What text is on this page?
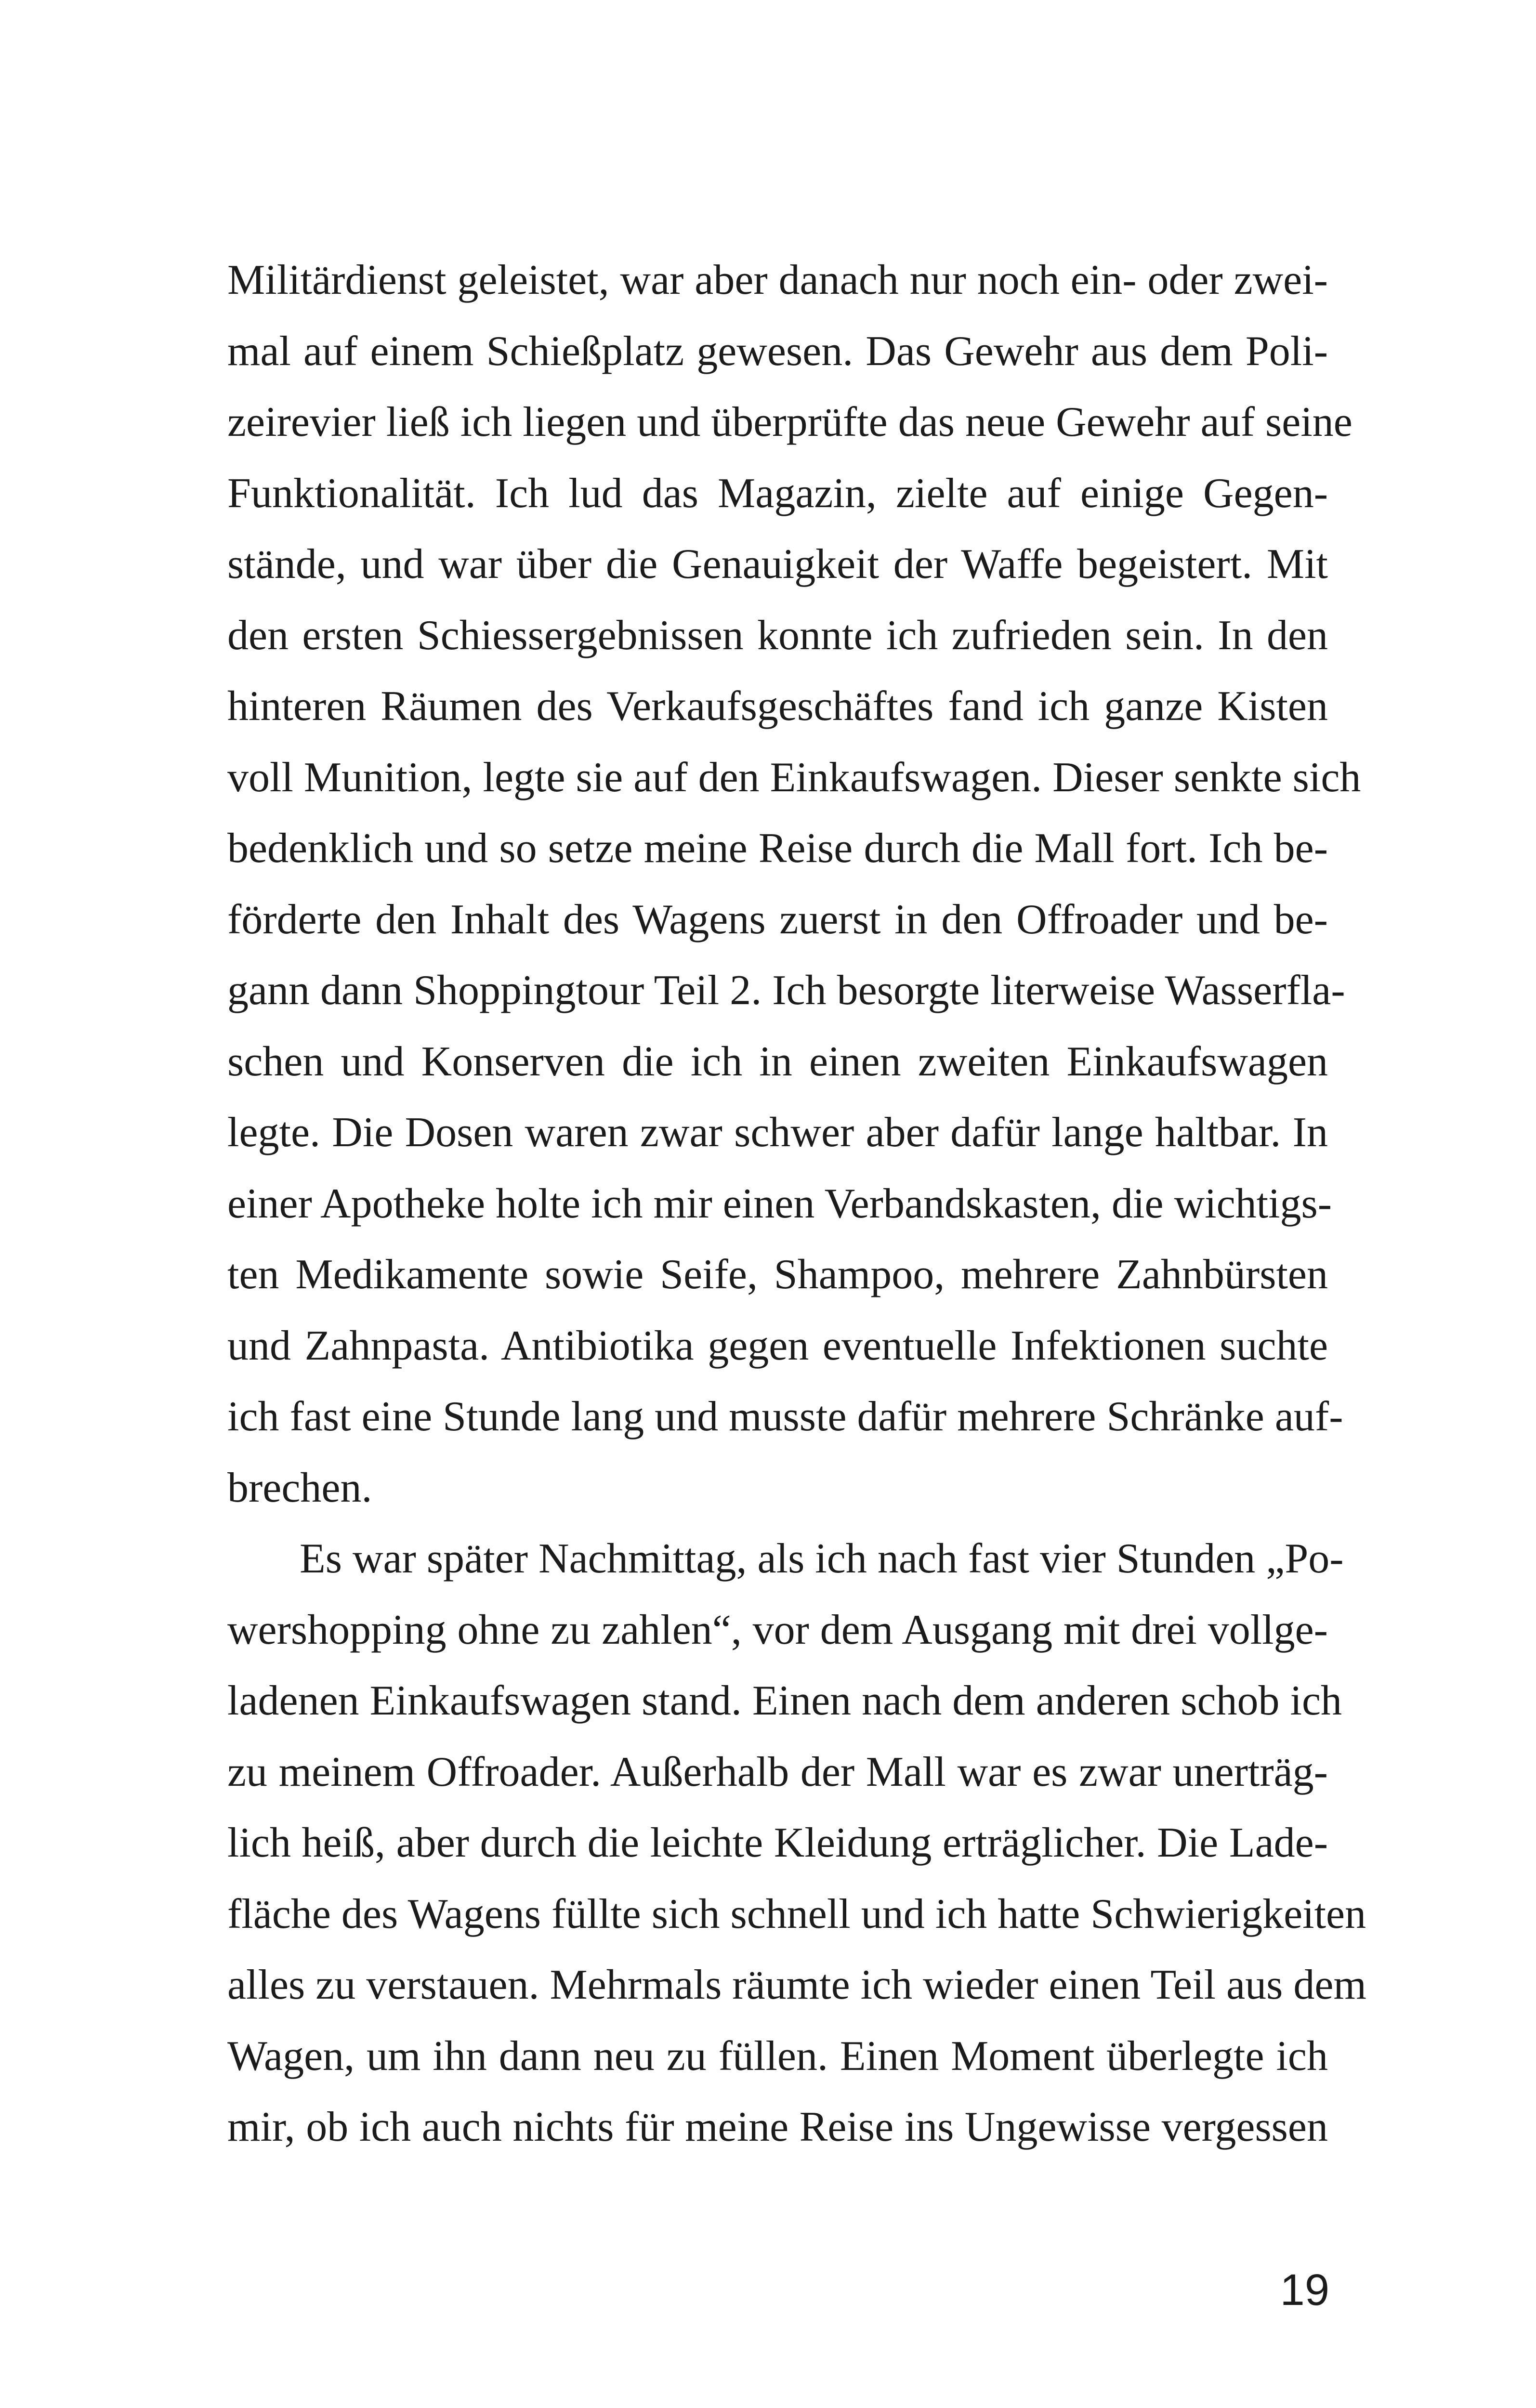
Militärdienst geleistet, war aber danach nur noch ein- oder zwei-
mal auf einem Schießplatz gewesen. Das Gewehr aus dem Poli-
zeirevier ließ ich liegen und überprüfte das neue Gewehr auf seine
Funktionalität. Ich lud das Magazin, zielte auf einige Gegen-
stände, und war über die Genauigkeit der Waffe begeistert. Mit
den ersten Schiessergebnissen konnte ich zufrieden sein. In den
hinteren Räumen des Verkaufsgeschäftes fand ich ganze Kisten
voll Munition, legte sie auf den Einkaufswagen. Dieser senkte sich
bedenklich und so setze meine Reise durch die Mall fort. Ich be-
förderte den Inhalt des Wagens zuerst in den Offroader und be-
gann dann Shoppingtour Teil 2. Ich besorgte literweise Wasserfla-
schen und Konserven die ich in einen zweiten Einkaufswagen
legte. Die Dosen waren zwar schwer aber dafür lange haltbar. In
einer Apotheke holte ich mir einen Verbandskasten, die wichtigs-
ten Medikamente sowie Seife, Shampoo, mehrere Zahnbürsten
und Zahnpasta. Antibiotika gegen eventuelle Infektionen suchte
ich fast eine Stunde lang und musste dafür mehrere Schränke auf-
brechen.
Es war später Nachmittag, als ich nach fast vier Stunden „Po-
wershopping ohne zu zahlen“, vor dem Ausgang mit drei vollge-
ladenen Einkaufswagen stand. Einen nach dem anderen schob ich
zu meinem Offroader. Außerhalb der Mall war es zwar unerträg-
lich heiß, aber durch die leichte Kleidung erträglicher. Die Lade-
fläche des Wagens füllte sich schnell und ich hatte Schwierigkeiten
alles zu verstauen. Mehrmals räumte ich wieder einen Teil aus dem
Wagen, um ihn dann neu zu füllen. Einen Moment überlegte ich
mir, ob ich auch nichts für meine Reise ins Ungewisse vergessen
19
